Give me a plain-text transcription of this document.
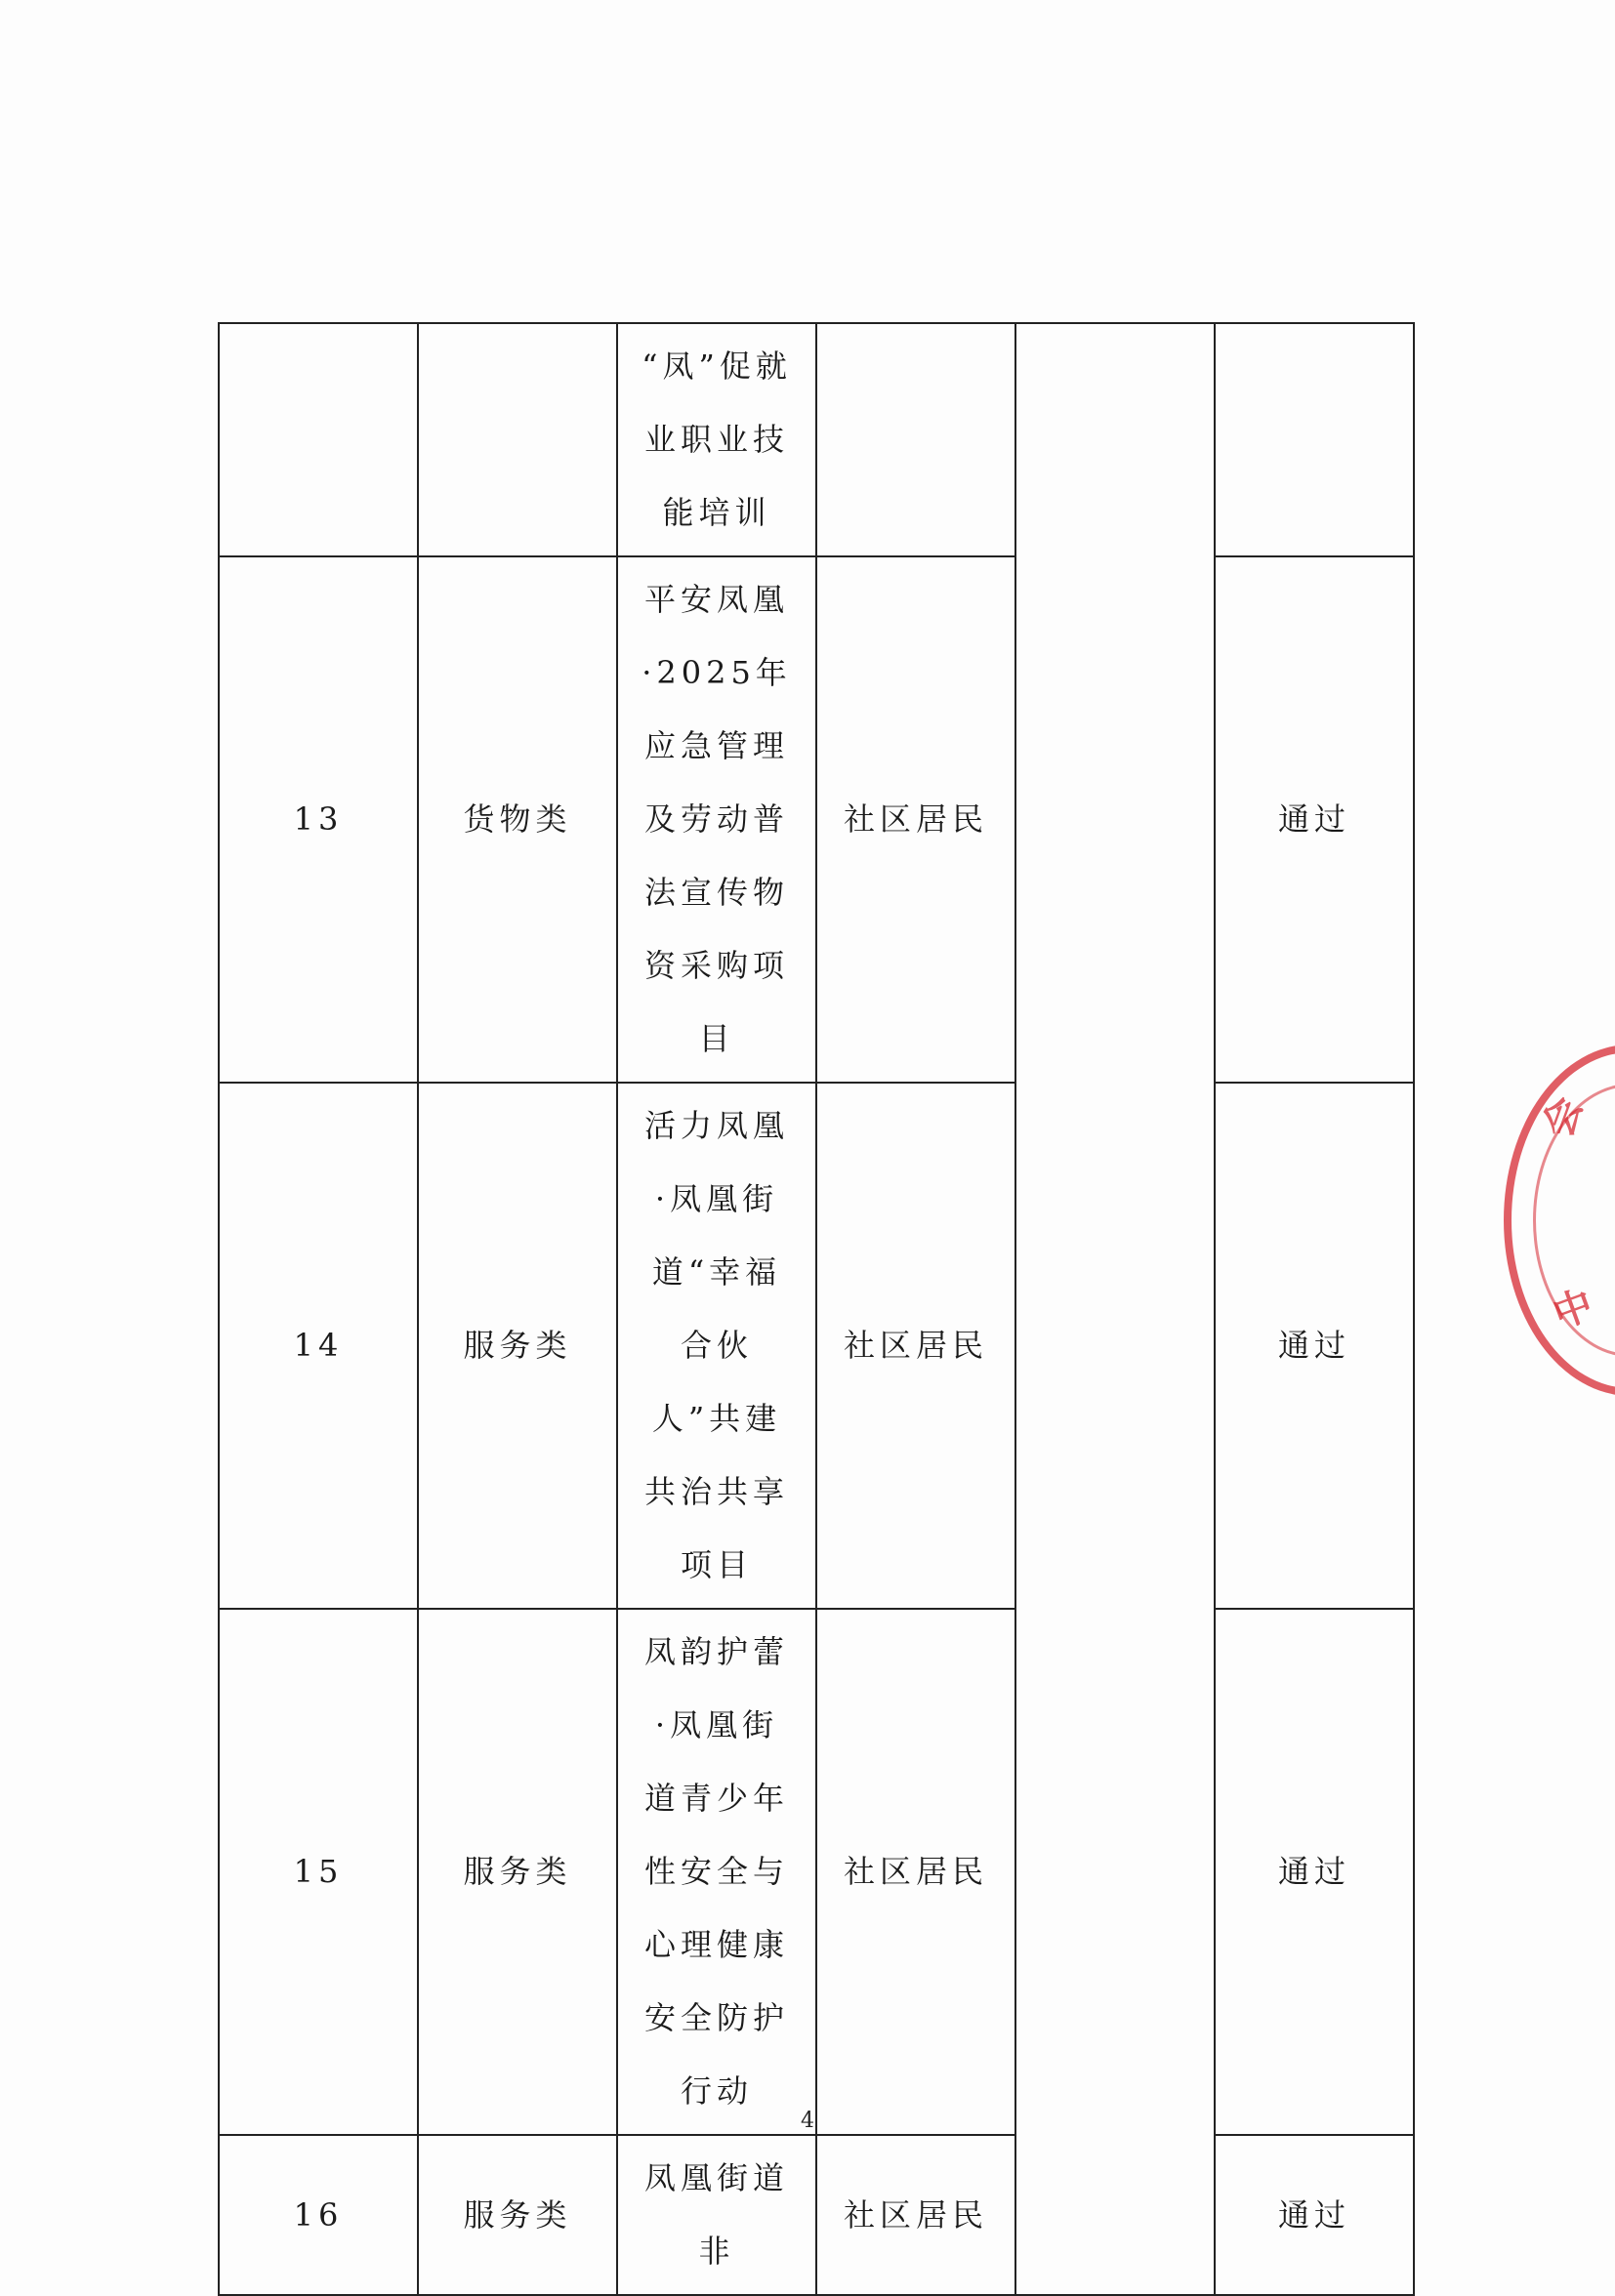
		“凤”促就业职业技能培训			
13	货物类	平安凤凰·2025年应急管理及劳动普法宣传物资采购项目	社区居民		通过
14	服务类	活力凤凰·凤凰街道“幸福合伙人”共建共治共享项目	社区居民		通过
15	服务类	凤韵护蕾·凤凰街道青少年性安全与心理健康安全防护行动	社区居民		通过
16	服务类	凤凰街道非	社区居民		通过
4
会
中
